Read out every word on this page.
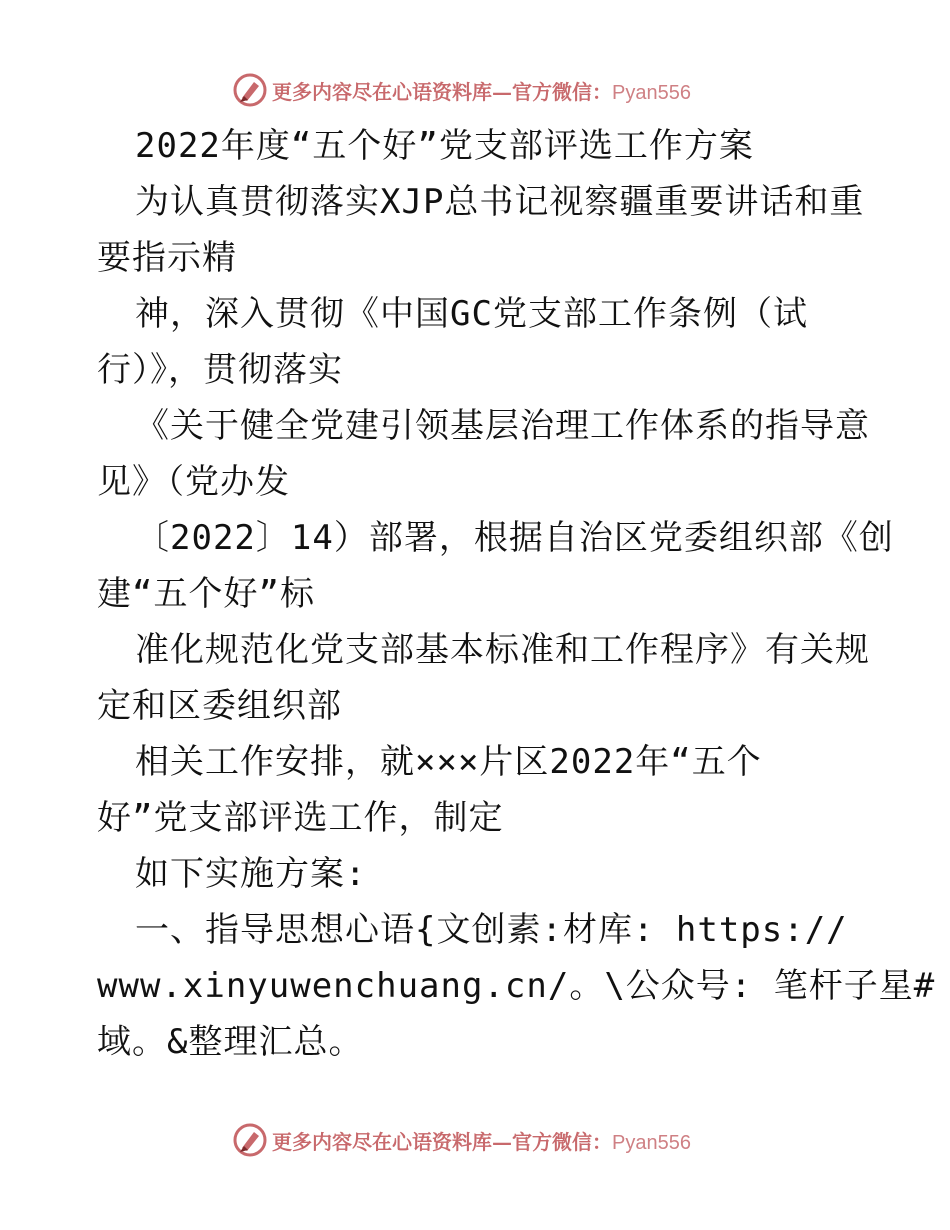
更多内容尽在心语资料库—官方微信：Pyan556
2022年度“五个好”党支部评选工作方案
为认真贯彻落实XJP总书记视察疆重要讲话和重
要指示精
神，深入贯彻《中国GC党支部工作条例（试
行）》，贯彻落实
《关于健全党建引领基层治理工作体系的指导意
见》（党办发
〔2022〕14）部署，根据自治区党委组织部《创
建“五个好”标
准化规范化党支部基本标准和工作程序》有关规
定和区委组织部
相关工作安排，就×××片区2022年“五个
好”党支部评选工作，制定
如下实施方案:
一、指导思想心语{文创素:材库: https://
www.xinyuwenchuang.cn/。\公众号: 笔杆子星#
域。&整理汇总。
更多内容尽在心语资料库—官方微信：Pyan556
